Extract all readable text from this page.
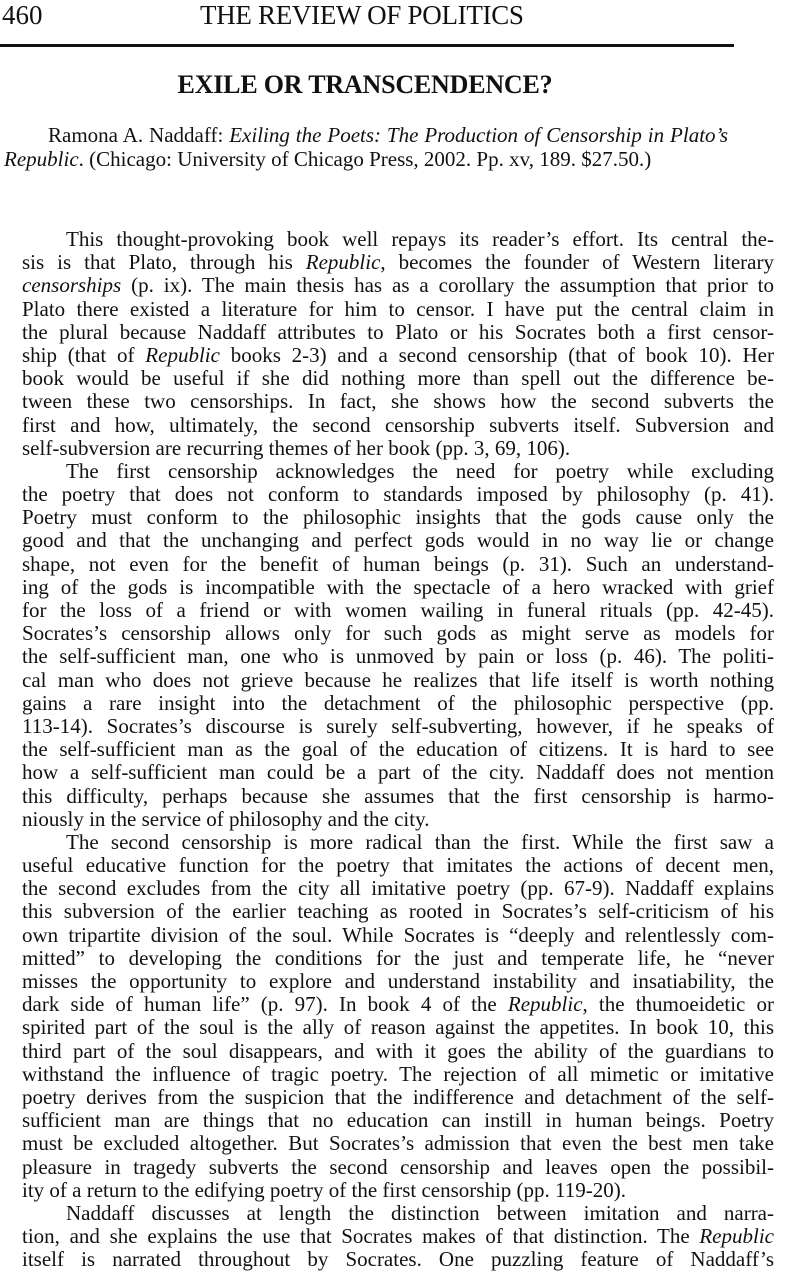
460	THE REVIEW OF POLITICS
EXILE OR TRANSCENDENCE?
Ramona A. Naddaff: Exiling the Poets: The Production of Censorship in Plato’s
Republic. (Chicago: University of Chicago Press, 2002. Pp. xv, 189. $27.50.)
This thought-provoking book well repays its reader’s effort. Its central the-
sis is that Plato, through his Republic, becomes the founder of Western literary
censorships (p. ix). The main thesis has as a corollary the assumption that prior to
Plato there existed a literature for him to censor. I have put the central claim in
the plural because Naddaff attributes to Plato or his Socrates both a first censor-
ship (that of Republic books 2-3) and a second censorship (that of book 10). Her
book would be useful if she did nothing more than spell out the difference be-
tween these two censorships. In fact, she shows how the second subverts the
first and how, ultimately, the second censorship subverts itself. Subversion and
self-subversion are recurring themes of her book (pp. 3, 69, 106).
The first censorship acknowledges the need for poetry while excluding
the poetry that does not conform to standards imposed by philosophy (p. 41).
Poetry must conform to the philosophic insights that the gods cause only the
good and that the unchanging and perfect gods would in no way lie or change
shape, not even for the benefit of human beings (p. 31). Such an understand-
ing of the gods is incompatible with the spectacle of a hero wracked with grief
for the loss of a friend or with women wailing in funeral rituals (pp. 42-45).
Socrates’s censorship allows only for such gods as might serve as models for
the self-sufficient man, one who is unmoved by pain or loss (p. 46). The politi-
cal man who does not grieve because he realizes that life itself is worth nothing
gains a rare insight into the detachment of the philosophic perspective (pp.
113-14). Socrates’s discourse is surely self-subverting, however, if he speaks of
the self-sufficient man as the goal of the education of citizens. It is hard to see
how a self-sufficient man could be a part of the city. Naddaff does not mention
this difficulty, perhaps because she assumes that the first censorship is harmo-
niously in the service of philosophy and the city.
The second censorship is more radical than the first. While the first saw a
useful educative function for the poetry that imitates the actions of decent men,
the second excludes from the city all imitative poetry (pp. 67-9). Naddaff explains
this subversion of the earlier teaching as rooted in Socrates’s self-criticism of his
own tripartite division of the soul. While Socrates is “deeply and relentlessly com-
mitted” to developing the conditions for the just and temperate life, he “never
misses the opportunity to explore and understand instability and insatiability, the
dark side of human life” (p. 97). In book 4 of the Republic, the thumoeidetic or
spirited part of the soul is the ally of reason against the appetites. In book 10, this
third part of the soul disappears, and with it goes the ability of the guardians to
withstand the influence of tragic poetry. The rejection of all mimetic or imitative
poetry derives from the suspicion that the indifference and detachment of the self-
sufficient man are things that no education can instill in human beings. Poetry
must be excluded altogether. But Socrates’s admission that even the best men take
pleasure in tragedy subverts the second censorship and leaves open the possibil-
ity of a return to the edifying poetry of the first censorship (pp. 119-20).
Naddaff discusses at length the distinction between imitation and narra-
tion, and she explains the use that Socrates makes of that distinction. The Republic
itself is narrated throughout by Socrates. One puzzling feature of Naddaff’s
